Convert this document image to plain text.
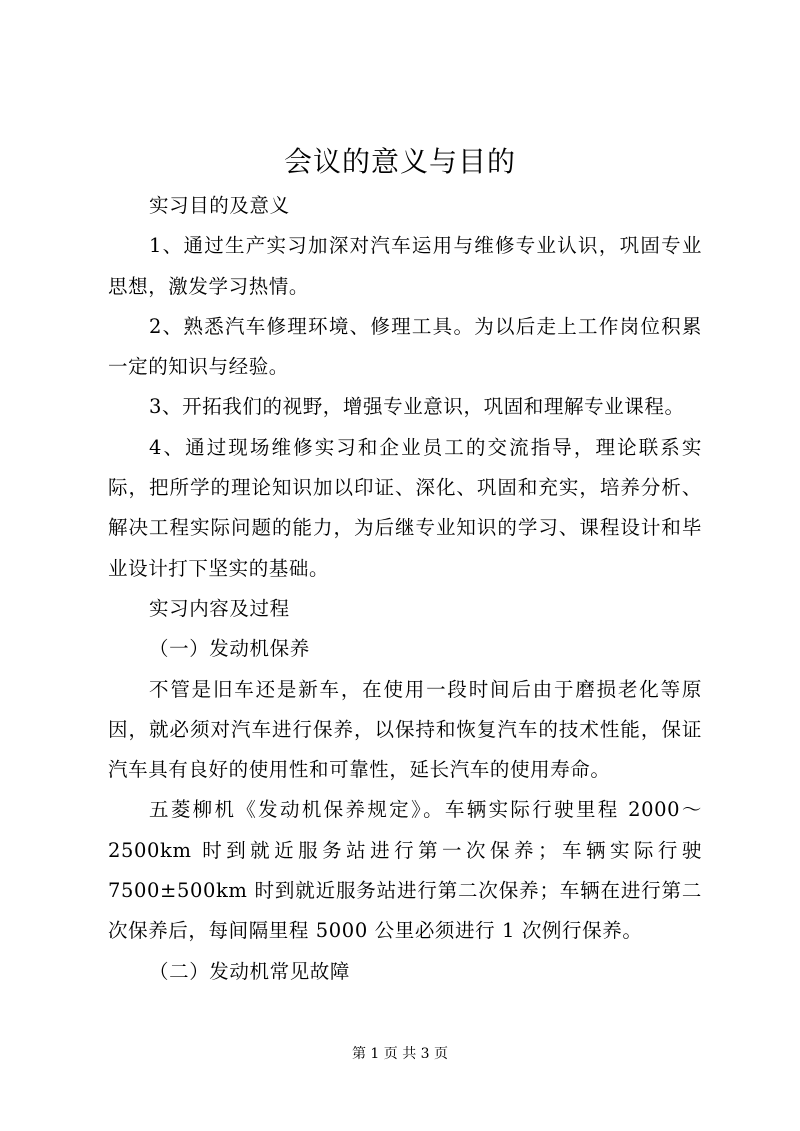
会议的意义与目的

实习目的及意义

1、通过生产实习加深对汽车运用与维修专业认识，巩固专业思想，激发学习热情。

2、熟悉汽车修理环境、修理工具。为以后走上工作岗位积累一定的知识与经验。

3、开拓我们的视野，增强专业意识，巩固和理解专业课程。

4、通过现场维修实习和企业员工的交流指导，理论联系实际，把所学的理论知识加以印证、深化、巩固和充实，培养分析、解决工程实际问题的能力，为后继专业知识的学习、课程设计和毕业设计打下坚实的基础。

实习内容及过程

（一）发动机保养

不管是旧车还是新车，在使用一段时间后由于磨损老化等原因，就必须对汽车进行保养，以保持和恢复汽车的技术性能，保证汽车具有良好的使用性和可靠性，延长汽车的使用寿命。

五菱柳机《发动机保养规定》。车辆实际行驶里程 2000～2500km 时到就近服务站进行第一次保养；车辆实际行驶7500±500km 时到就近服务站进行第二次保养；车辆在进行第二次保养后，每间隔里程 5000 公里必须进行 1 次例行保养。

（二）发动机常见故障

第 1 页 共 3 页
